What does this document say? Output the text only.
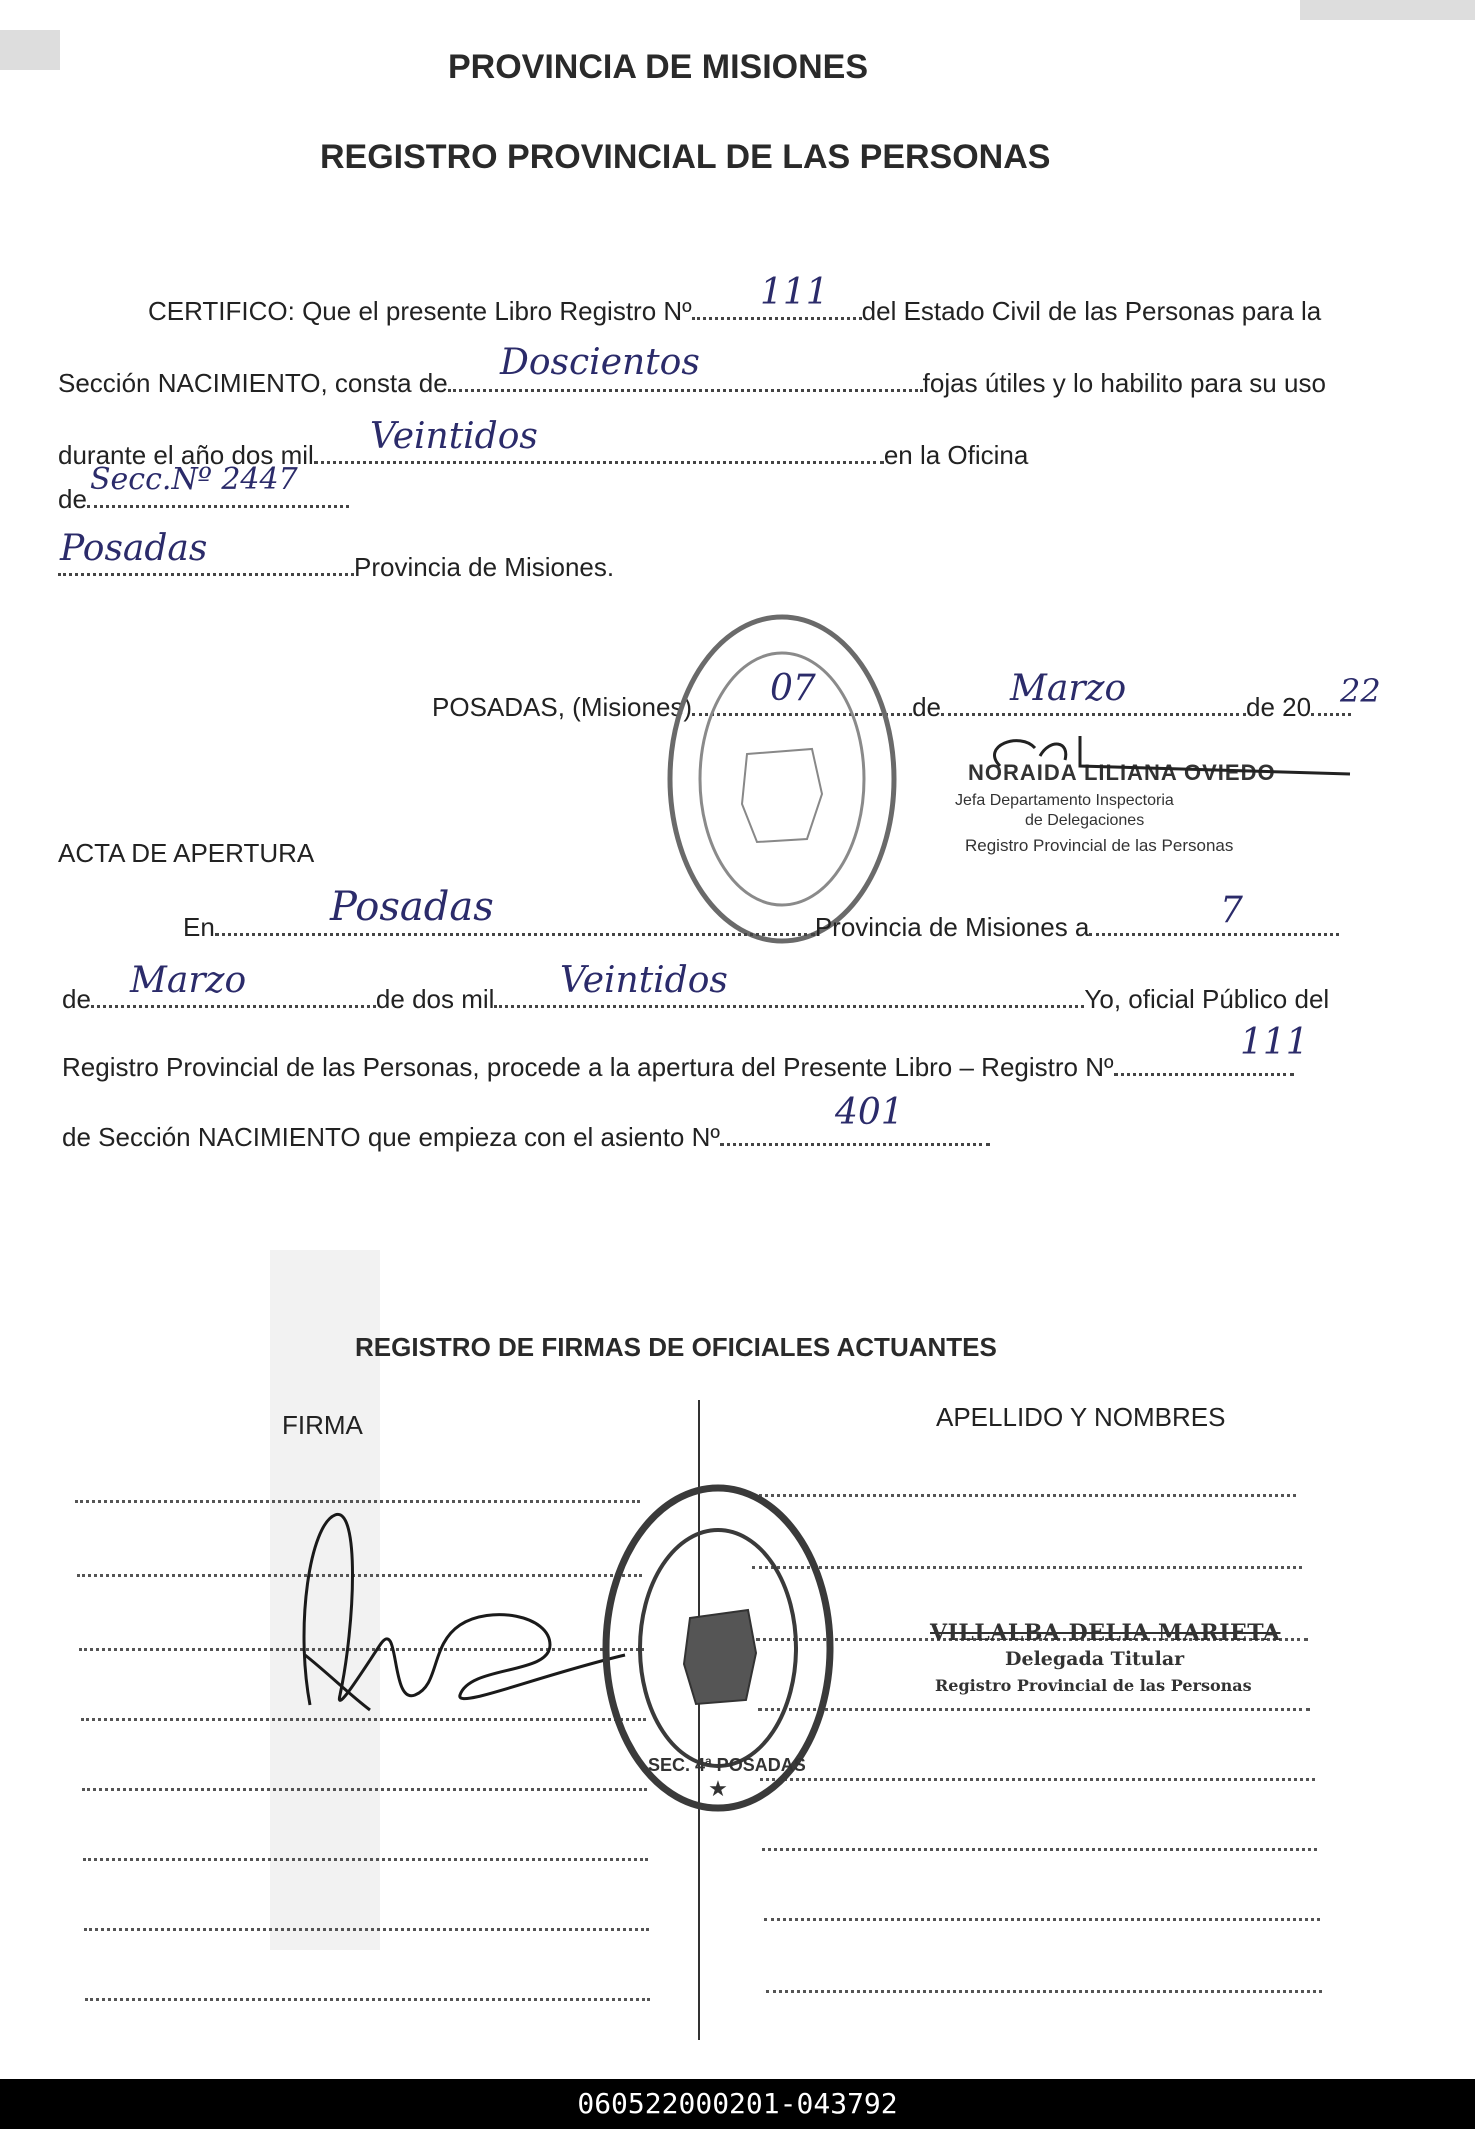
PROVINCIA DE MISIONES
REGISTRO PROVINCIAL DE LAS PERSONAS
CERTIFICO: Que el presente Libro Registro Nº	del Estado Civil de las Personas para la
111
Sección NACIMIENTO, consta de	fojas útiles y lo habilito para su uso
Doscientos
durante el año dos mil	en la Oficina
Veintidos
de
Secc.Nº 2447
Provincia de Misiones.
Posadas
POSADAS, (Misiones)	de	de 20
07	Marzo	22
NORAIDA LILIANA OVIEDO
Jefa Departamento Inspectoria
de Delegaciones
Registro Provincial de las Personas
ACTA DE APERTURA
En	Provincia de Misiones a
Posadas	7
de	de dos mil	Yo, oficial Público del
Marzo	Veintidos
Registro Provincial de las Personas, procede a la apertura del Presente Libro – Registro Nº
111
de Sección NACIMIENTO que empieza con el asiento Nº
401
REGISTRO DE FIRMAS DE OFICIALES ACTUANTES
FIRMA	APELLIDO Y NOMBRES
★
SEC. 4ª POSADAS
VILLALBA DELIA MARIETA
Delegada Titular
Registro Provincial de las Personas
060522000201-043792
